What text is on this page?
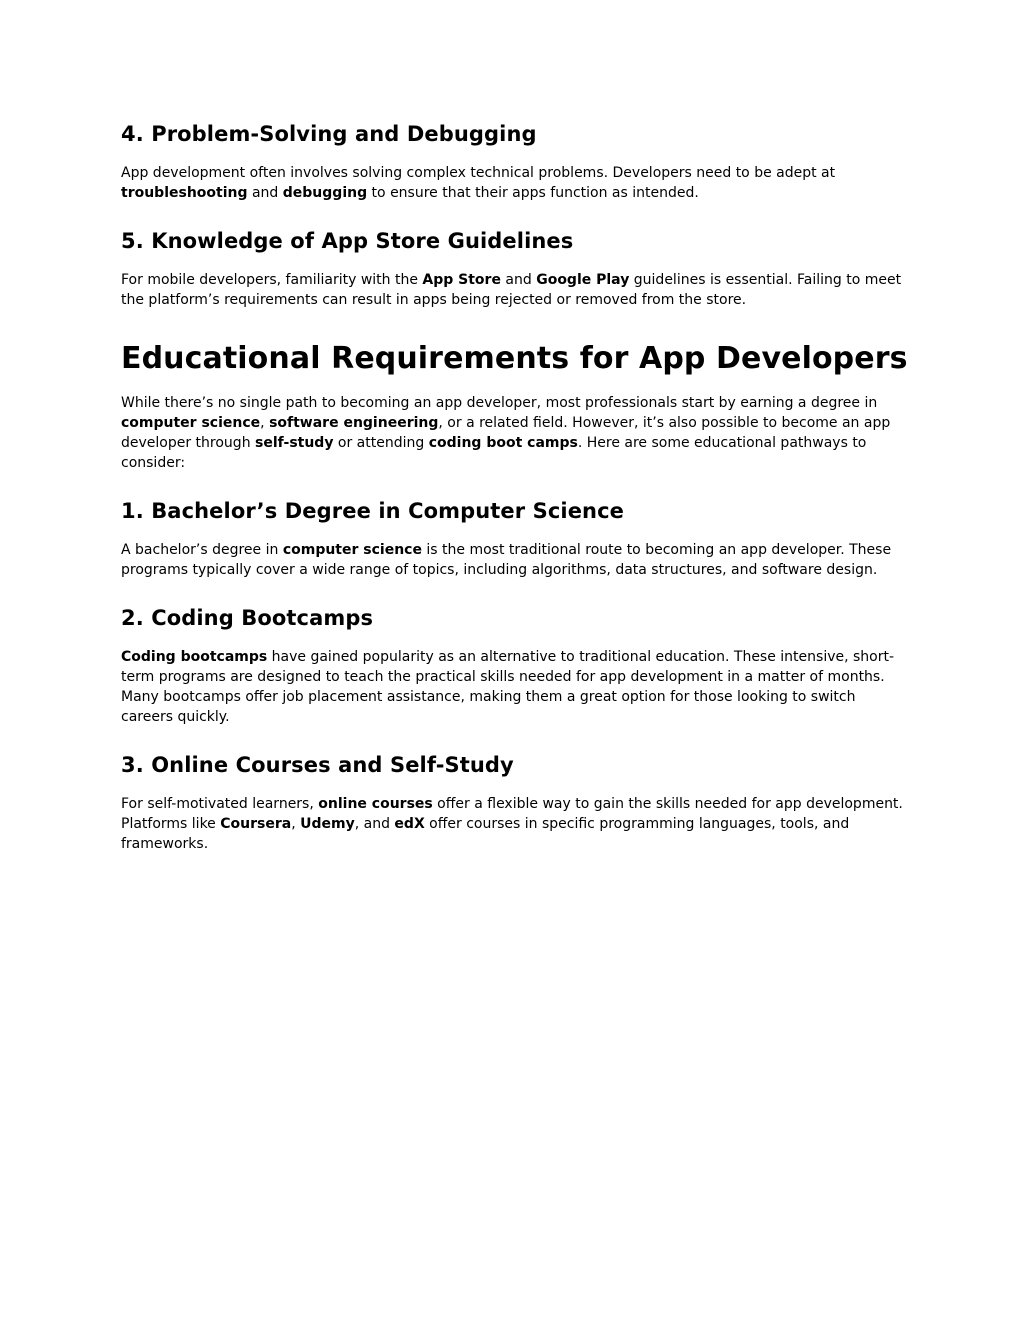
4. Problem-Solving and Debugging

App development often involves solving complex technical problems. Developers need to be adept at troubleshooting and debugging to ensure that their apps function as intended.

5. Knowledge of App Store Guidelines

For mobile developers, familiarity with the App Store and Google Play guidelines is essential. Failing to meet the platform’s requirements can result in apps being rejected or removed from the store.

Educational Requirements for App Developers

While there’s no single path to becoming an app developer, most professionals start by earning a degree in computer science, software engineering, or a related field. However, it’s also possible to become an app developer through self-study or attending coding boot camps. Here are some educational pathways to consider:

1. Bachelor’s Degree in Computer Science

A bachelor’s degree in computer science is the most traditional route to becoming an app developer. These programs typically cover a wide range of topics, including algorithms, data structures, and software design.

2. Coding Bootcamps

Coding bootcamps have gained popularity as an alternative to traditional education. These intensive, short-term programs are designed to teach the practical skills needed for app development in a matter of months. Many bootcamps offer job placement assistance, making them a great option for those looking to switch careers quickly.

3. Online Courses and Self-Study

For self-motivated learners, online courses offer a flexible way to gain the skills needed for app development. Platforms like Coursera, Udemy, and edX offer courses in specific programming languages, tools, and frameworks.
